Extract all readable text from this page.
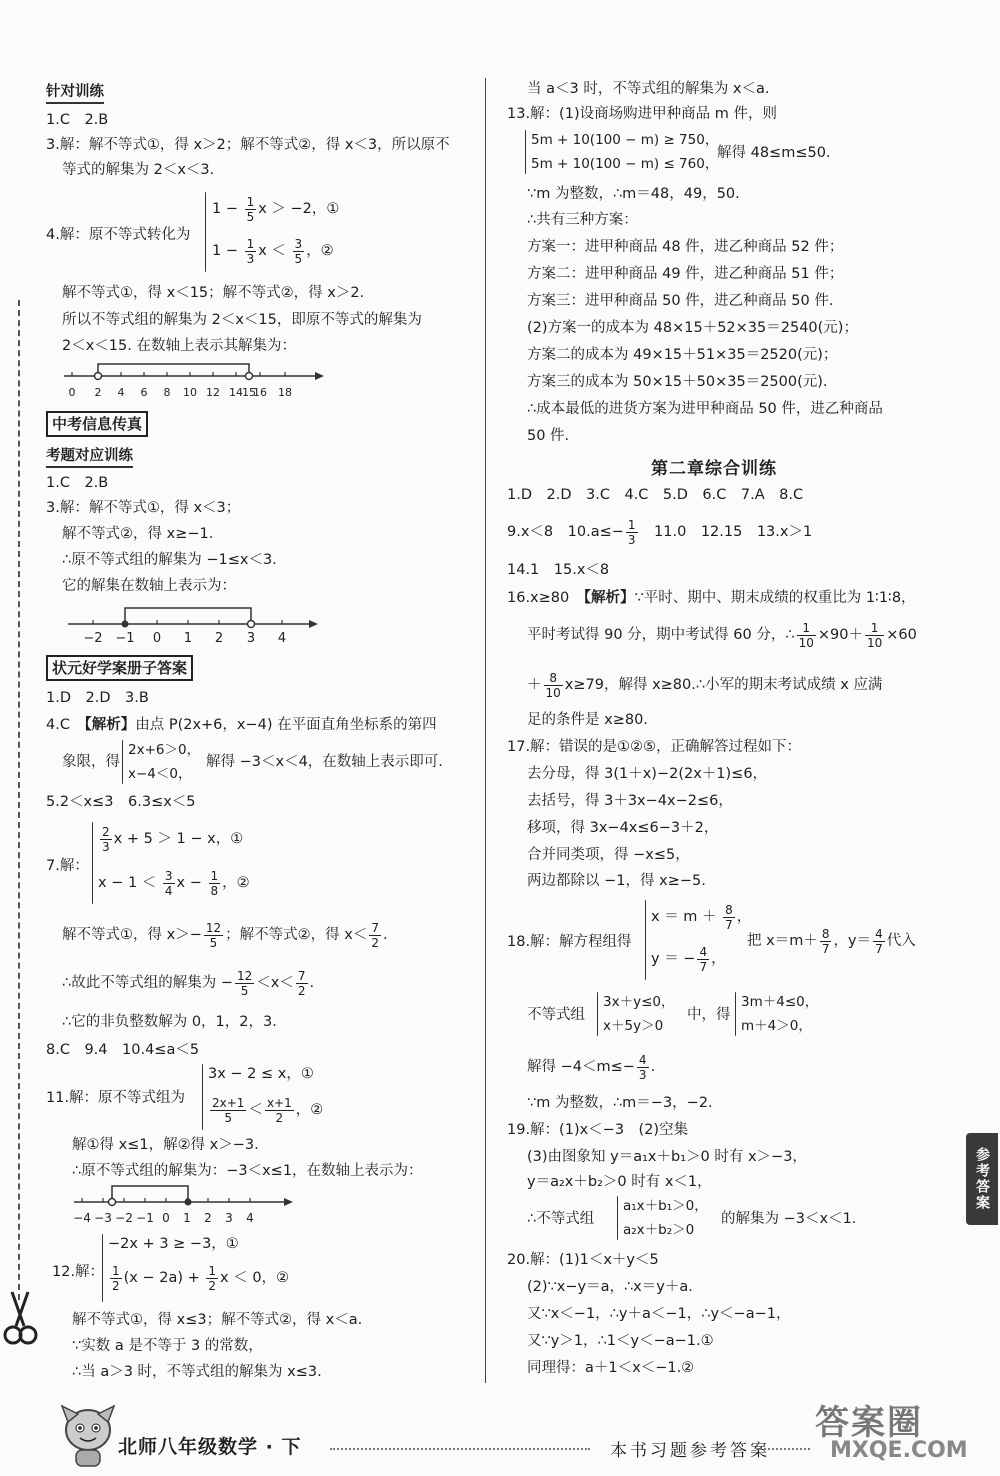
针对训练
1.C　2.B
3.解：解不等式①，得 x＞2；解不等式②，得 x＜3，所以原不
等式的解集为 2＜x＜3.
4.解：原不等式转化为
$1 - \frac{1}{5}$ x ＞ −2，①
$1 - \frac{1}{3}$ $x < \frac{3}{5}$ ，②
解不等式①，得 x＜15；解不等式②，得 x＞2.
所以不等式组的解集为 2＜x＜15，即原不等式的解集为
2＜x＜15. 在数轴上表示其解集为：
0 2 4 6 8 10 12 14 15
16 18
中考信息传真
考题对应训练
1.C　2.B
3.解：解不等式①，得 x＜3；
解不等式②，得 x≥−1.
∴原不等式组的解集为 −1≤x＜3.
它的解集在数轴上表示为：
−2 −1 0 1 2 3 4
状元好学案册子答案
1.D　2.D　3.B
4.C　【解析】由点 P(2x+6，x−4) 在平面直角坐标系的第四
象限，得
2x+6＞0，
x−4＜0，
解得 −3＜x＜4，在数轴上表示即可.
5.2＜x≤3　6.3≤x＜5
7.解：
$\frac{2}{3}$ x + 5 ＞ 1 − x，①
$x - 1 < \frac{3}{4}$ $x - \frac{1}{8}$ ，②
解不等式①，得 $x>- \frac{12}{5}$ ；解不等式②，得 $x< \frac{7}{2}$ .
∴故此不等式组的解集为 − $\frac{12}{5} <x< \frac{7}{2}$ .
∴它的非负整数解为 0，1，2，3.
8.C　9.4　10.4≤a＜5
11.解：原不等式组为
3x − 2 ≤ x，①
$\frac{2x+1}{5} < \frac{x+1}{2}$ ，②
解①得 x≤1，解②得 x＞−3.
∴原不等式组的解集为：−3＜x≤1，在数轴上表示为：
−4 −3 −2 −1 0 1 2 3 4
12.解：
−2x + 3 ≥ −3，①
$\frac{1}{2} (x - 2a) + \frac{1}{2}$ x ＜ 0，②
解不等式①，得 x≤3；解不等式②，得 x＜a.
∵实数 a 是不等于 3 的常数，
∴当 a＞3 时，不等式组的解集为 x≤3.
当 a＜3 时，不等式组的解集为 x＜a.
13.解：(1)设商场购进甲种商品 m 件，则
5m + 10(100 − m) ≥ 750，
5m + 10(100 − m) ≤ 760，
解得 48≤m≤50.
∵m 为整数，∴m＝48，49，50.
∴共有三种方案：
方案一：进甲种商品 48 件，进乙种商品 52 件；
方案二：进甲种商品 49 件，进乙种商品 51 件；
方案三：进甲种商品 50 件，进乙种商品 50 件.
(2)方案一的成本为 48×15＋52×35＝2540(元)；
方案二的成本为 49×15＋51×35＝2520(元)；
方案三的成本为 50×15＋50×35＝2500(元).
∴成本最低的进货方案为进甲种商品 50 件，进乙种商品
50 件.
第二章综合训练
1.D　2.D　3.C　4.C　5.D　6.C　7.A　8.C
9.x＜8　$10.a\le- \frac{1}{3}$ 　11.0　12.15　13.x＞1
14.1　15.x＜8
16.x≥80　【解析】∵平时、期中、期末成绩的权重比为 1∶1∶8，
平时考试得 90 分，期中考试得 60 分，∴ $\frac{1}{10} \times 90+ \frac{1}{10} \times 60$
＋ $\frac{8}{10} x\ge 79$，解得 x≥80.∴小军的期末考试成绩 x 应满
足的条件是 x≥80.
17.解：错误的是①②⑤，正确解答过程如下：
去分母，得 3(1＋x)−2(2x＋1)≤6，
去括号，得 3＋3x−4x−2≤6，
移项，得 3x−4x≤6−3＋2，
合并同类项，得 −x≤5，
两边都除以 −1，得 x≥−5.
18.解：解方程组得
$x = m + \frac{8}{7}$ ，
y ＝ − $\frac{4}{7}$ ，
把 $x=m+ \frac{8}{7}$ ，$y= \frac{4}{7}$ 代入
不等式组
3x＋y≤0，
x＋5y＞0
中，得
3m＋4≤0，
m＋4＞0，
解得 $-4<m\le- \frac{4}{3}$ .
∵m 为整数，∴m＝−3，−2.
19.解：(1)x＜−3　(2)空集
(3)由图象知 y＝a₁x＋b₁＞0 时有 x＞−3，
y＝a₂x＋b₂＞0 时有 x＜1，
∴不等式组
a₁x＋b₁＞0，
a₂x＋b₂＞0
的解集为 −3＜x＜1.
20.解：(1)1＜x＋y＜5
(2)∵x−y＝a，∴x＝y＋a.
又∵x＜−1，∴y＋a＜−1，∴y＜−a−1，
又∵y＞1，∴1＜y＜−a−1.①
同理得：a＋1＜x＜−1.②
参考答案
北师八年级数学 · 下	本书习题参考答案
答案圈
MXQE.COM
